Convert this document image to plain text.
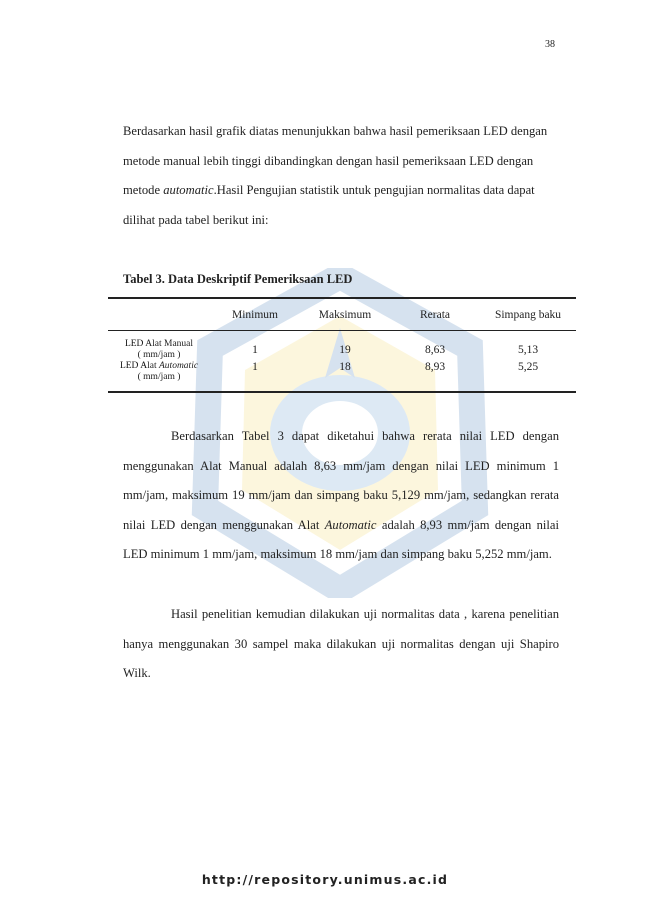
38

Berdasarkan hasil grafik diatas menunjukkan bahwa hasil pemeriksaan LED dengan metode manual lebih tinggi dibandingkan dengan hasil pemeriksaan LED dengan metode automatic.Hasil Pengujian statistik untuk pengujian normalitas data dapat dilihat pada tabel berikut ini:

Tabel 3. Data Deskriptif Pemeriksaan LED
	Minimum	Maksimum	Rerata	Simpang baku

LED Alat Manual
( mm/jam )	1	19	8,63	5,13

LED Alat Automatic
( mm/jam )	1	18	8,93	5,25

Berdasarkan Tabel 3 dapat diketahui bahwa rerata nilai LED dengan menggunakan Alat Manual adalah 8,63 mm/jam dengan nilai LED minimum 1 mm/jam, maksimum 19 mm/jam dan simpang baku 5,129 mm/jam, sedangkan rerata nilai LED dengan menggunakan Alat Automatic adalah 8,93 mm/jam dengan nilai LED minimum 1 mm/jam, maksimum 18 mm/jam dan simpang baku 5,252 mm/jam.

Hasil penelitian kemudian dilakukan uji normalitas data , karena penelitian hanya menggunakan 30 sampel maka dilakukan uji normalitas dengan uji Shapiro Wilk.

http://repository.unimus.ac.id
